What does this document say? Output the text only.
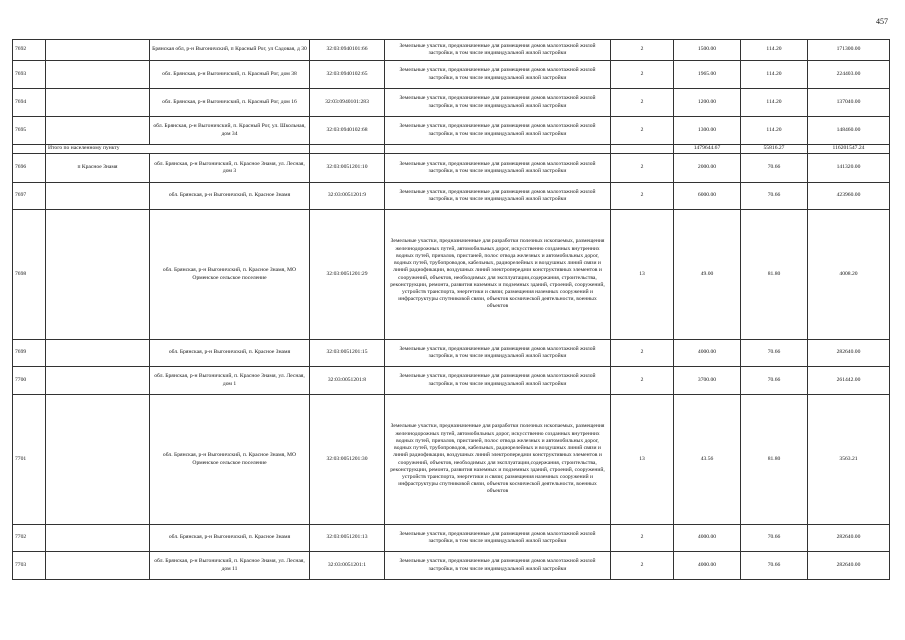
457
7692		Брянская обл, р-н Выгоничский, п Красный Рог, ул Садовая, д 30	32:03:0940101:66	Земельные участки, предназначенные для размещения домов малоэтажной жилой застройки, в том числе индивидуальной жилой застройки	2	1500.00	114.20	171300.00
7693		обл. Брянская, р-н Выгоничский, п. Красный Рог, дом 38	32:03:0940102:65	Земельные участки, предназначенные для размещения домов малоэтажной жилой застройки, в том числе индивидуальной жилой застройки	2	1965.00	114.20	224403.00
7694		обл. Брянская, р-н Выгоничский, п. Красный Рог, дом 16	32:03:0940101:283	Земельные участки, предназначенные для размещения домов малоэтажной жилой застройки, в том числе индивидуальной жилой застройки	2	1200.00	114.20	137040.00
7695		обл. Брянская, р-н Выгоничский, п. Красный Рог, ул. Школьная, дом 34	32:03:0940102:68	Земельные участки, предназначенные для размещения домов малоэтажной жилой застройки, в том числе индивидуальной жилой застройки	2	1300.00	114.20	148460.00
	Итого по населенному пункту					1479644.67	55816.27	116201547.24
7696	п Красное Знамя	обл. Брянская, р-н Выгоничский, п. Красное Знамя, ул. Лесная, дом 3	32:03:0051201:10	Земельные участки, предназначенные для размещения домов малоэтажной жилой застройки, в том числе индивидуальной жилой застройки	2	2000.00	70.66	141320.00
7697		обл. Брянская, р-н Выгоничский, п. Красное Знамя	32:03:0051201:9	Земельные участки, предназначенные для размещения домов малоэтажной жилой застройки, в том числе индивидуальной жилой застройки	2	6000.00	70.66	423960.00
7698		обл. Брянская, р-н Выгоничский, п. Красное Знамя, МО Орменское сельское поселение	32:03:0051201:29	Земельные участки, предназначенные для разработки полезных ископаемых, размещения железнодорожных путей, автомобильных дорог, искусственно созданных внутренних водных путей, причалов, пристаней, полос отвода железных и автомобильных дорог, водных путей, трубопроводов, кабельных, радиорелейных и воздушных линий связи и линий радиофикации, воздушных линий электропередачи конструктивных элементов и сооружений, объектов, необходимых для эксплуатации,содержания, строительства, реконструкции, ремонта, развития наземных и подземных зданий, строений, сооружений, устройств транспорта, энергетики и связи; размещения наземных сооружений и инфраструктуры спутниковой связи, объектов космической деятельности, военных объектов	13	49.00	81.80	4008.20
7699		обл. Брянская, р-н Выгоничский, п. Красное Знамя	32:03:0051201:15	Земельные участки, предназначенные для размещения домов малоэтажной жилой застройки, в том числе индивидуальной жилой застройки	2	4000.00	70.66	282640.00
7700		обл. Брянская, р-н Выгоничский, п. Красное Знамя, ул. Лесная, дом 1	32:03:0051201:8	Земельные участки, предназначенные для размещения домов малоэтажной жилой застройки, в том числе индивидуальной жилой застройки	2	3700.00	70.66	261442.00
7701		обл. Брянская, р-н Выгоничский, п. Красное Знамя, МО Орменское сельское поселение	32:03:0051201:30	Земельные участки, предназначенные для разработки полезных ископаемых, размещения железнодорожных путей, автомобильных дорог, искусственно созданных внутренних водных путей, причалов, пристаней, полос отвода железных и автомобильных дорог, водных путей, трубопроводов, кабельных, радиорелейных и воздушных линий связи и линий радиофикации, воздушных линий электропередачи конструктивных элементов и сооружений, объектов, необходимых для эксплуатации,содержания, строительства, реконструкции, ремонта, развития наземных и подземных зданий, строений, сооружений, устройств транспорта, энергетики и связи; размещения наземных сооружений и инфраструктуры спутниковой связи, объектов космической деятельности, военных объектов	13	43.56	81.80	3563.21
7702		обл. Брянская, р-н Выгоничский, п. Красное Знамя	32:03:0051201:13	Земельные участки, предназначенные для размещения домов малоэтажной жилой застройки, в том числе индивидуальной жилой застройки	2	4000.00	70.66	282640.00
7703		обл. Брянская, р-н Выгоничский, п. Красное Знамя, ул. Лесная, дом 11	32:03:0051201:1	Земельные участки, предназначенные для размещения домов малоэтажной жилой застройки, в том числе индивидуальной жилой застройки	2	4000.00	70.66	282640.00
